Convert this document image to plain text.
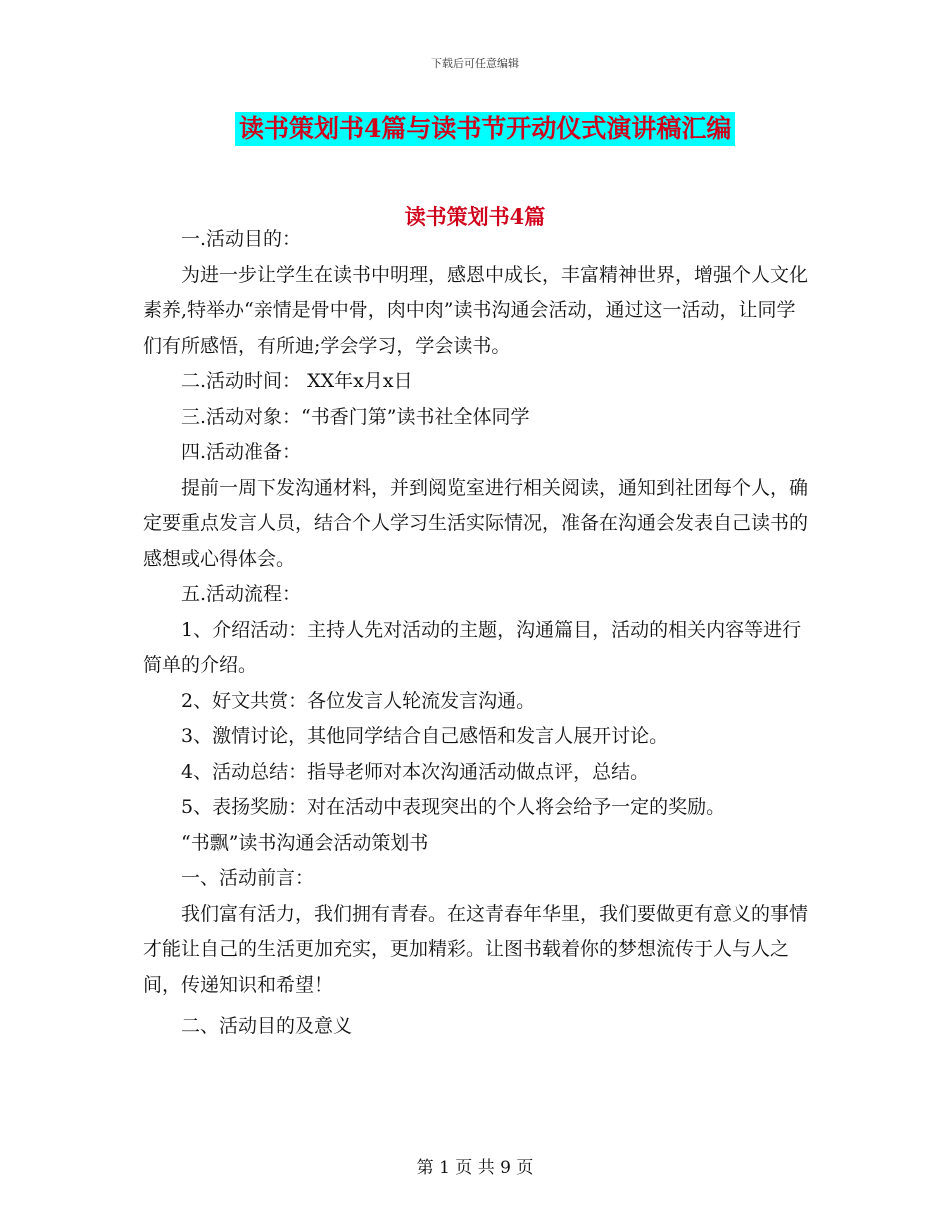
下载后可任意编辑
读书策划书4篇与读书节开动仪式演讲稿汇编
读书策划书4篇

一.活动目的：

为进一步让学生在读书中明理，感恩中成长，丰富精神世界，增强个人文化素养,特举办“亲情是骨中骨，肉中肉”读书沟通会活动，通过这一活动，让同学们有所感悟，有所迪;学会学习，学会读书。

二.活动时间： XX年x月x日

三.活动对象：“书香门第”读书社全体同学

四.活动准备：

提前一周下发沟通材料，并到阅览室进行相关阅读，通知到社团每个人，确定要重点发言人员，结合个人学习生活实际情况，准备在沟通会发表自己读书的感想或心得体会。

五.活动流程：

1、介绍活动：主持人先对活动的主题，沟通篇目，活动的相关内容等进行简单的介绍。

2、好文共赏：各位发言人轮流发言沟通。

3、激情讨论，其他同学结合自己感悟和发言人展开讨论。

4、活动总结：指导老师对本次沟通活动做点评，总结。

5、表扬奖励：对在活动中表现突出的个人将会给予一定的奖励。

“书飘”读书沟通会活动策划书

一、活动前言：

我们富有活力，我们拥有青春。在这青春年华里，我们要做更有意义的事情才能让自己的生活更加充实，更加精彩。让图书载着你的梦想流传于人与人之间，传递知识和希望！

二、活动目的及意义

第 1 页 共 9 页
